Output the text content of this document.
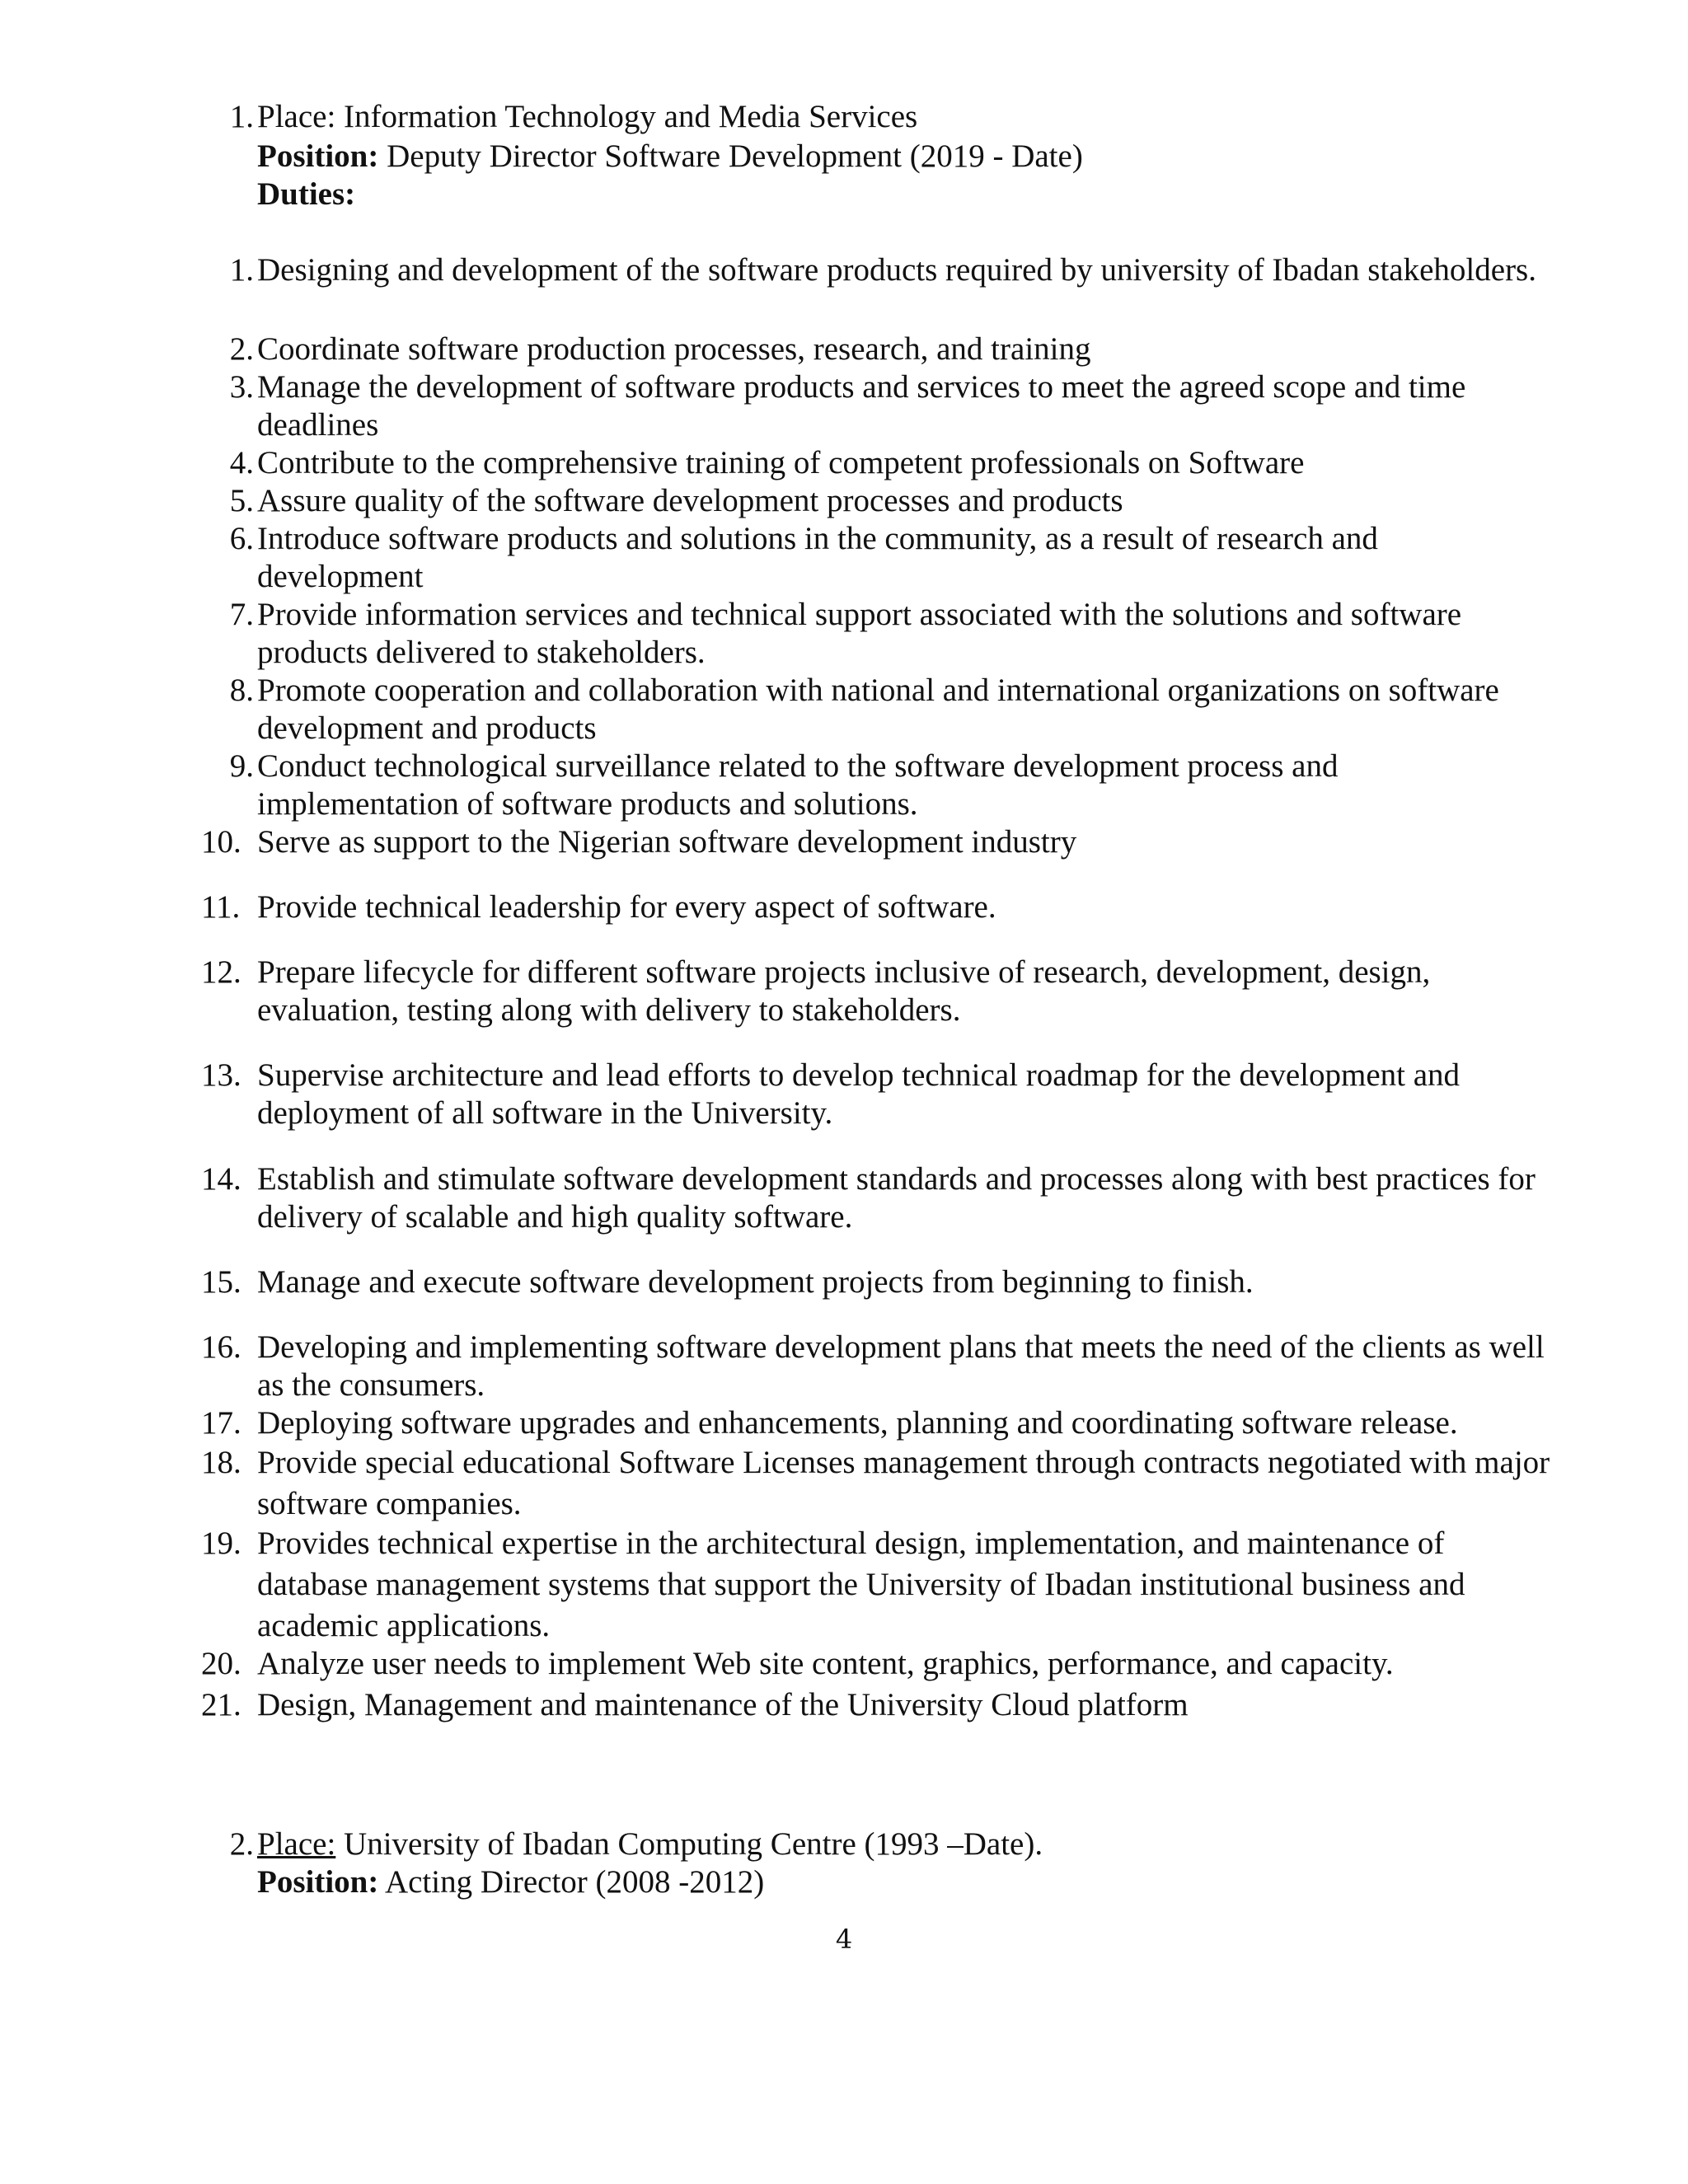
1. Place: Information Technology and Media Services
Position: Deputy Director Software Development (2019 - Date)
Duties:
1. Designing and development of the software products required by university of Ibadan stakeholders.
2. Coordinate software production processes, research, and training
3. Manage the development of software products and services to meet the agreed scope and time deadlines
4. Contribute to the comprehensive training of competent professionals on Software
5. Assure quality of the software development processes and products
6. Introduce software products and solutions in the community, as a result of research and development
7. Provide information services and technical support associated with the solutions and software products delivered to stakeholders.
8. Promote cooperation and collaboration with national and international organizations on software development and products
9. Conduct technological surveillance related to the software development process and implementation of software products and solutions.
10. Serve as support to the Nigerian software development industry
11. Provide technical leadership for every aspect of software.
12. Prepare lifecycle for different software projects inclusive of research, development, design, evaluation, testing along with delivery to stakeholders.
13. Supervise architecture and lead efforts to develop technical roadmap for the development and deployment of all software in the University.
14. Establish and stimulate software development standards and processes along with best practices for delivery of scalable and high quality software.
15. Manage and execute software development projects from beginning to finish.
16. Developing and implementing software development plans that meets the need of the clients as well as the consumers.
17. Deploying software upgrades and enhancements, planning and coordinating software release.
18. Provide special educational Software Licenses management through contracts negotiated with major software companies.
19. Provides technical expertise in the architectural design, implementation, and maintenance of database management systems that support the University of Ibadan institutional business and academic applications.
20. Analyze user needs to implement Web site content, graphics, performance, and capacity.
21. Design, Management and maintenance of the University Cloud platform
2. Place: University of Ibadan Computing Centre (1993 –Date).
Position: Acting Director (2008 -2012)
4
